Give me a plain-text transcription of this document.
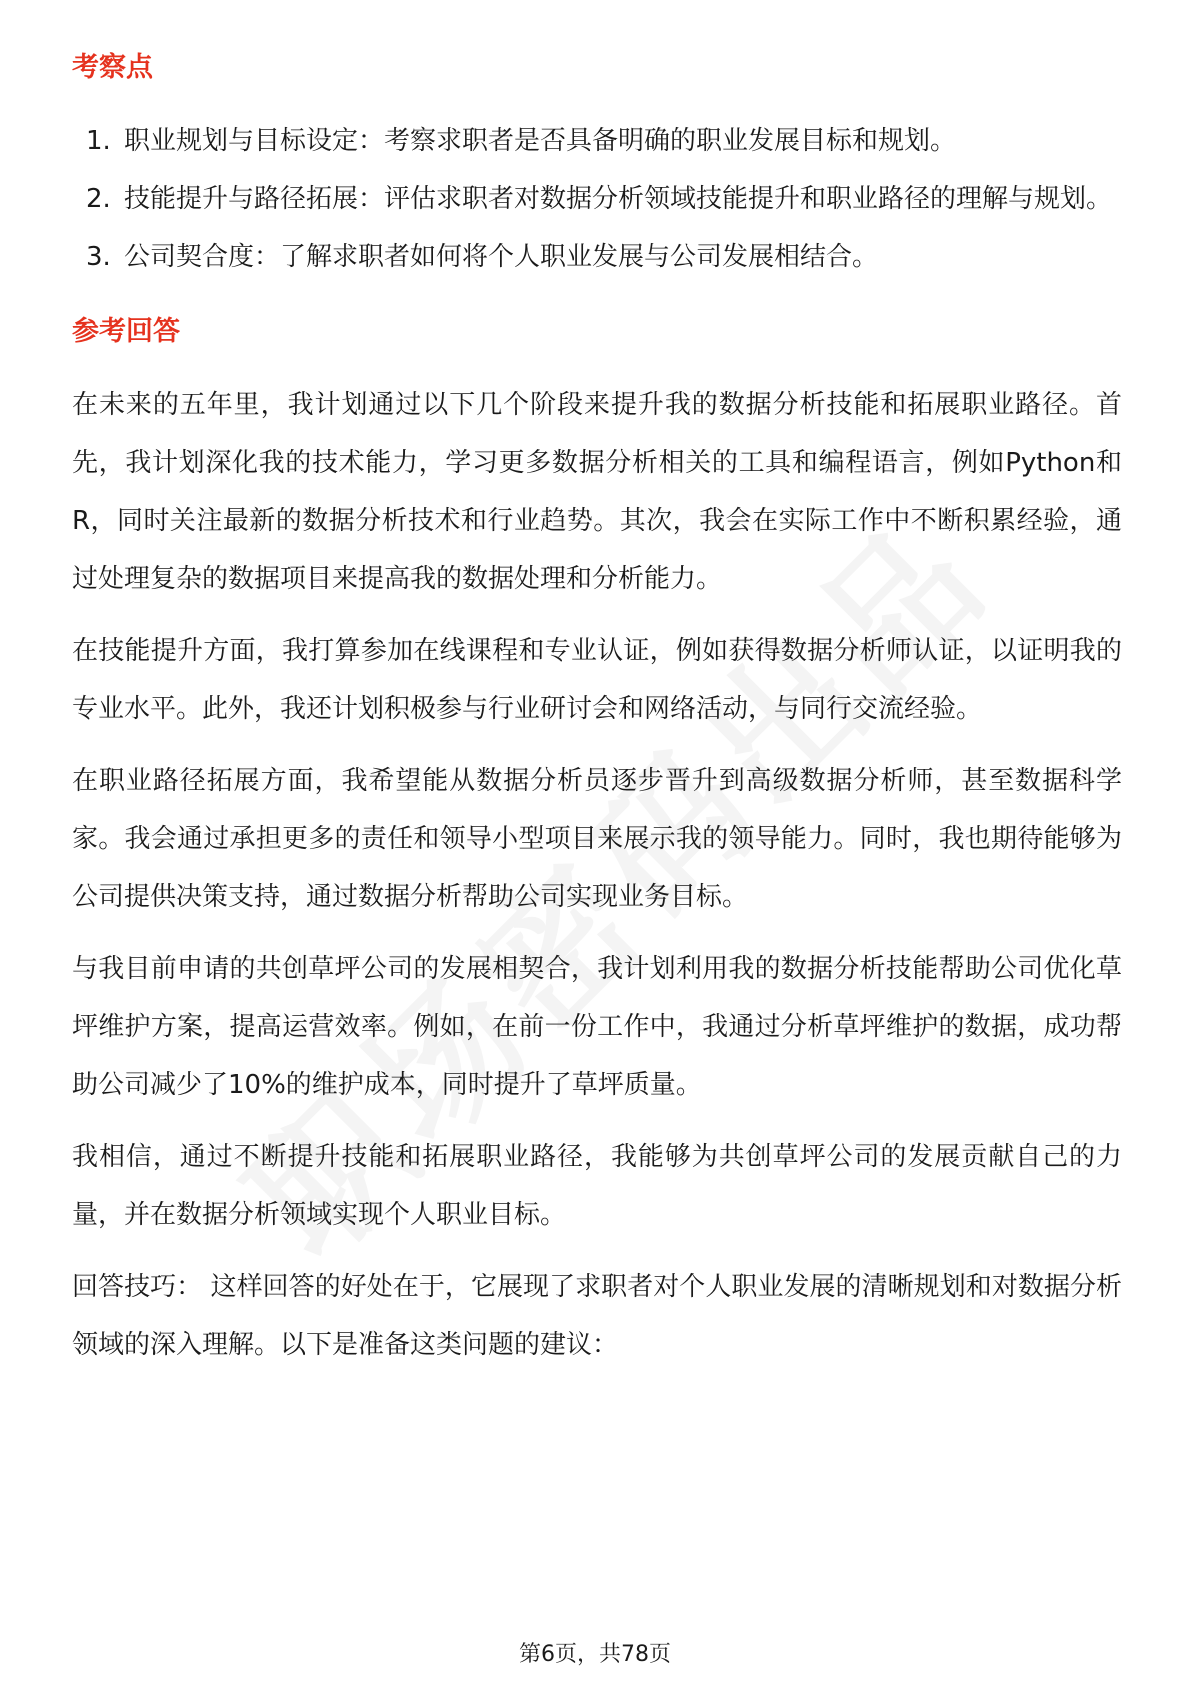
考察点
1. 职业规划与目标设定：考察求职者是否具备明确的职业发展目标和规划。
2. 技能提升与路径拓展：评估求职者对数据分析领域技能提升和职业路径的理解与规划。
3. 公司契合度：了解求职者如何将个人职业发展与公司发展相结合。
参考回答

在未来的五年里，我计划通过以下几个阶段来提升我的数据分析技能和拓展职业路径。首先，我计划深化我的技术能力，学习更多数据分析相关的工具和编程语言，例如Python和R，同时关注最新的数据分析技术和行业趋势。其次，我会在实际工作中不断积累经验，通过处理复杂的数据项目来提高我的数据处理和分析能力。

在技能提升方面，我打算参加在线课程和专业认证，例如获得数据分析师认证，以证明我的专业水平。此外，我还计划积极参与行业研讨会和网络活动，与同行交流经验。

在职业路径拓展方面，我希望能从数据分析员逐步晋升到高级数据分析师，甚至数据科学家。我会通过承担更多的责任和领导小型项目来展示我的领导能力。同时，我也期待能够为公司提供决策支持，通过数据分析帮助公司实现业务目标。

与我目前申请的共创草坪公司的发展相契合，我计划利用我的数据分析技能帮助公司优化草坪维护方案，提高运营效率。例如，在前一份工作中，我通过分析草坪维护的数据，成功帮助公司减少了10%的维护成本，同时提升了草坪质量。

我相信，通过不断提升技能和拓展职业路径，我能够为共创草坪公司的发展贡献自己的力量，并在数据分析领域实现个人职业目标。

回答技巧： 这样回答的好处在于，它展现了求职者对个人职业发展的清晰规划和对数据分析领域的深入理解。以下是准备这类问题的建议：

第6页，共78页
